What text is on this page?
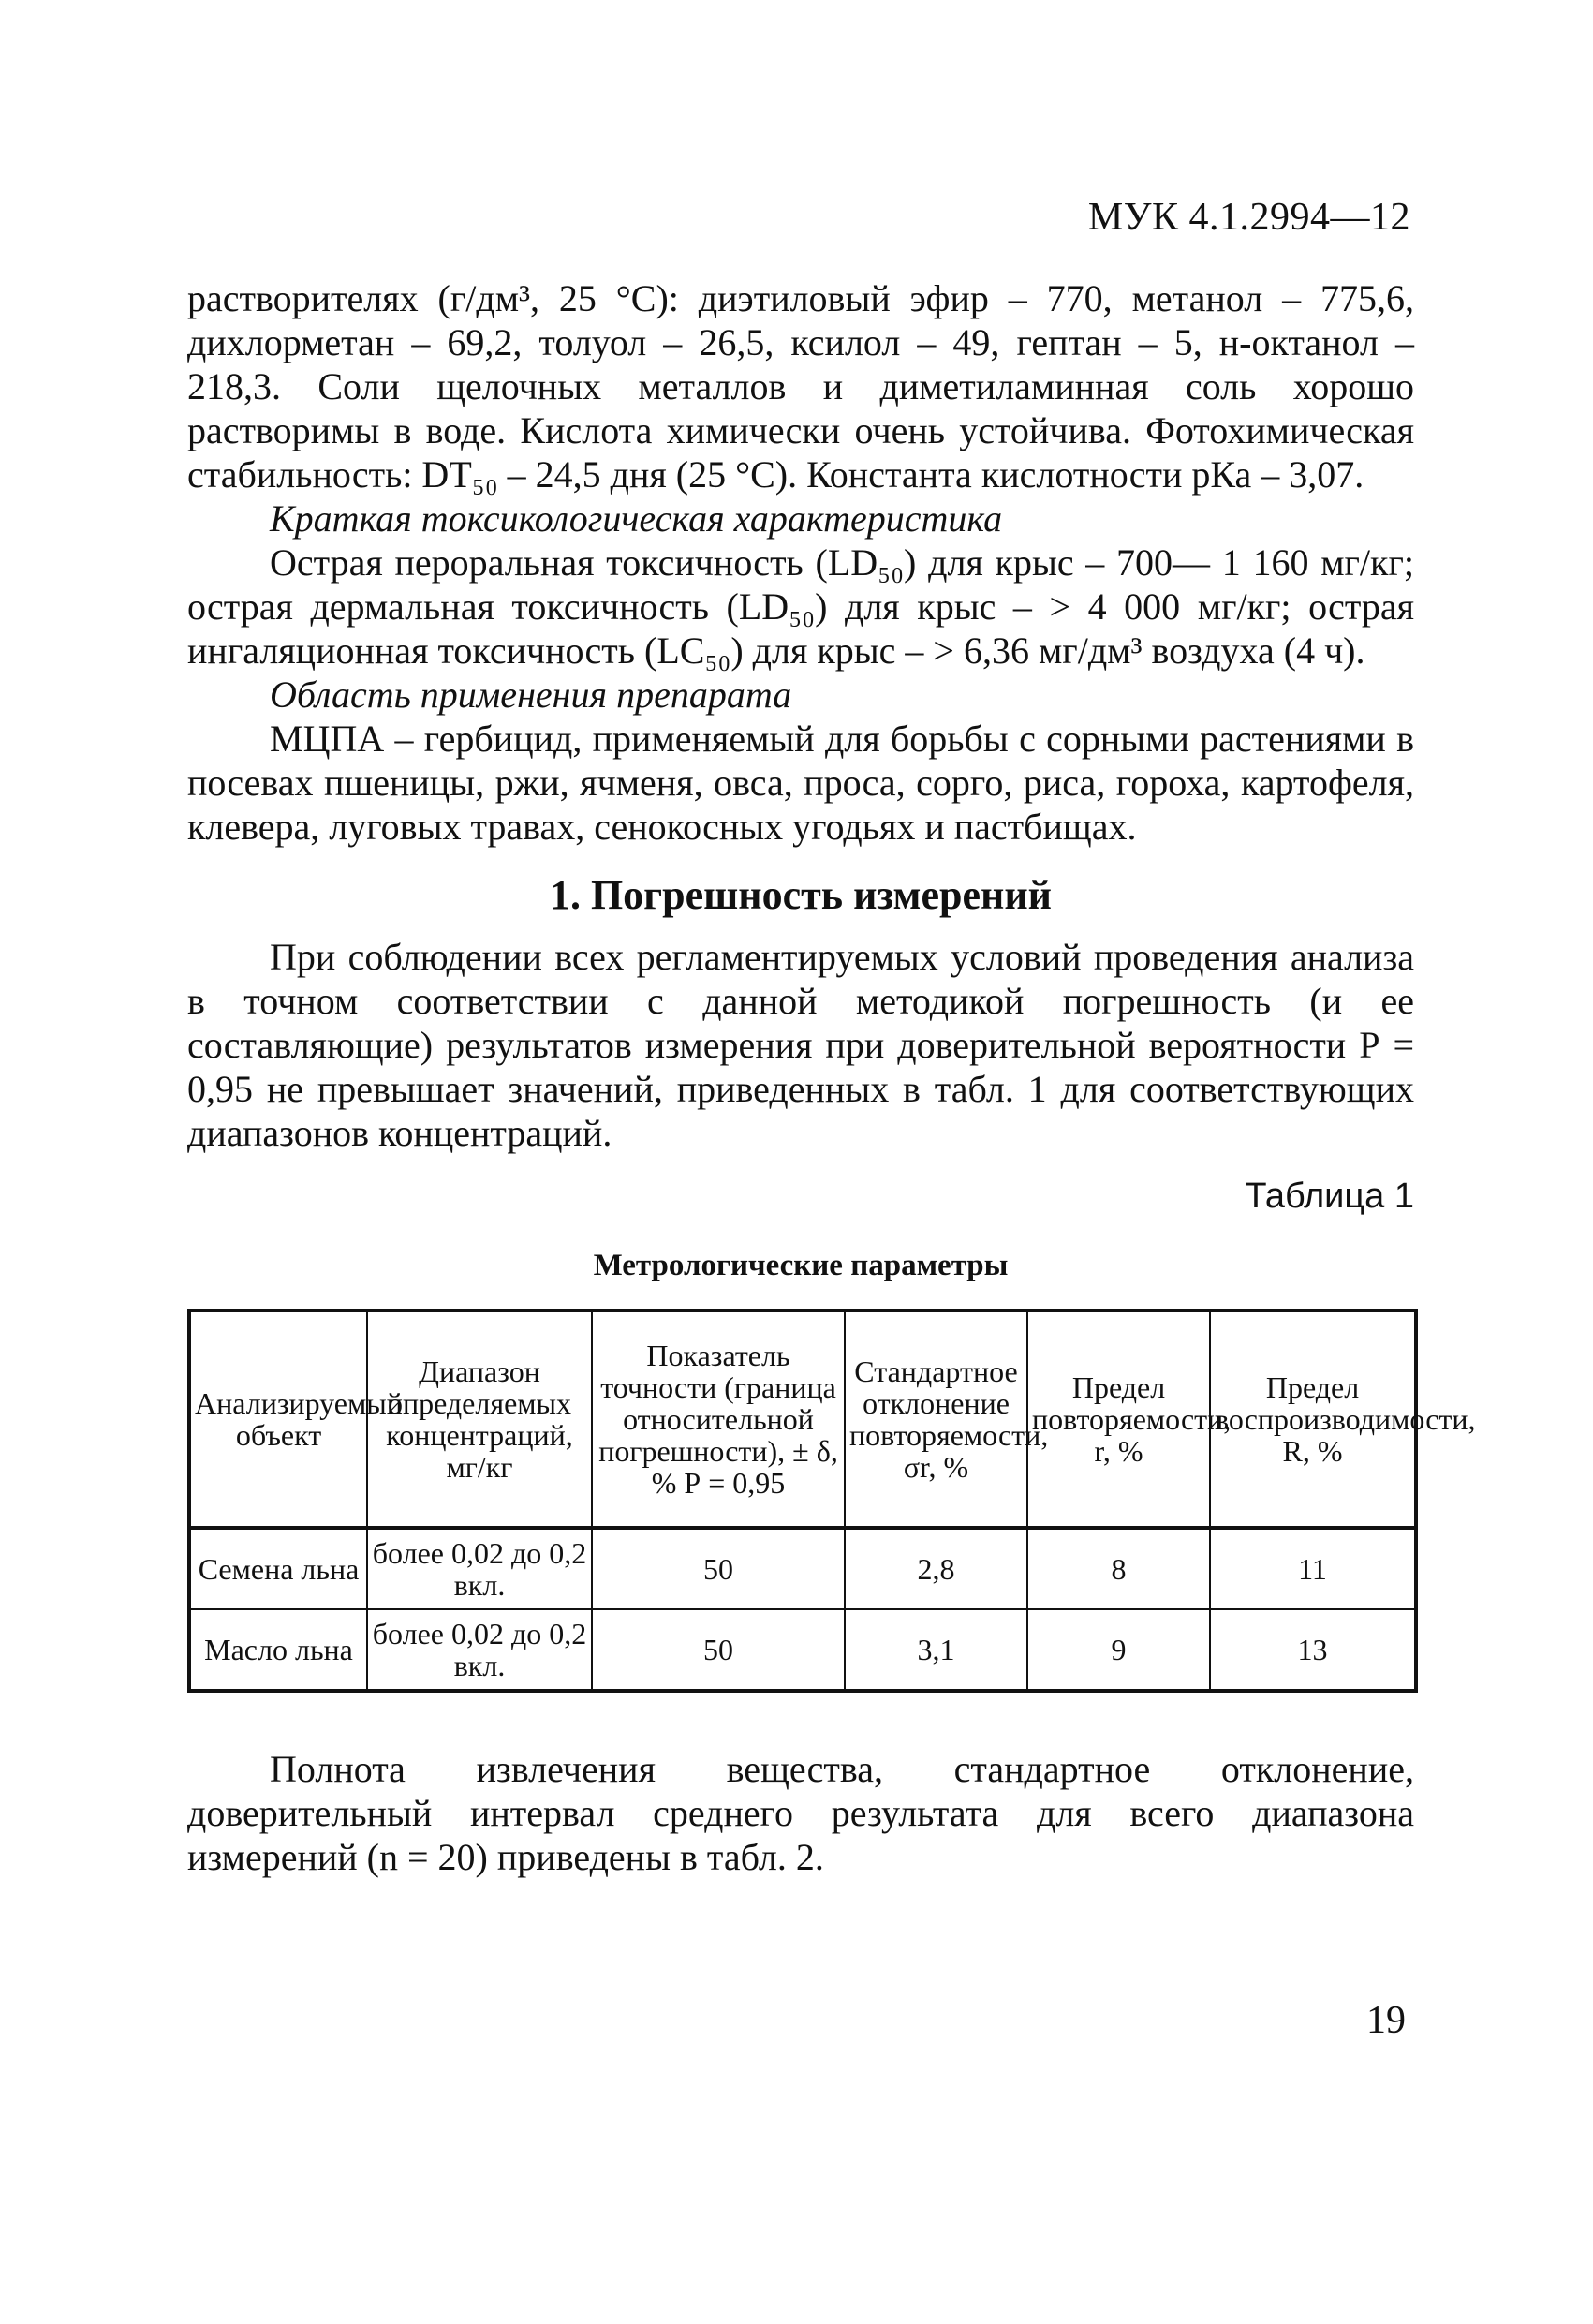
МУК 4.1.2994—12

растворителях (г/дм³, 25 °С): диэтиловый эфир – 770, метанол – 775,6, дихлорметан – 69,2, толуол – 26,5, ксилол – 49, гептан – 5, н-октанол – 218,3. Соли щелочных металлов и диметиламинная соль хорошо растворимы в воде. Кислота химически очень устойчива. Фотохимическая стабильность: DT₅₀ – 24,5 дня (25 °С). Константа кислотности рКа – 3,07.

Краткая токсикологическая характеристика

Острая пероральная токсичность (LD₅₀) для крыс – 700— 1 160 мг/кг; острая дермальная токсичность (LD₅₀) для крыс – > 4 000 мг/кг; острая ингаляционная токсичность (LC₅₀) для крыс – > 6,36 мг/дм³ воздуха (4 ч).

Область применения препарата

МЦПА – гербицид, применяемый для борьбы с сорными растениями в посевах пшеницы, ржи, ячменя, овса, проса, сорго, риса, гороха, картофеля, клевера, луговых травах, сенокосных угодьях и пастбищах.

1. Погрешность измерений

При соблюдении всех регламентируемых условий проведения анализа в точном соответствии с данной методикой погрешность (и ее составляющие) результатов измерения при доверительной вероятности Р = 0,95 не превышает значений, приведенных в табл. 1 для соответствующих диапазонов концентраций.

Таблица 1
Метрологические параметры
Анализируемый объект	Диапазон определяемых концентраций, мг/кг	Показатель точности (граница относительной погрешности), ± δ, % Р = 0,95	Стандартное отклонение повторяемости, σr, %	Предел повторяемости, r, %	Предел воспроизводимости, R, %
Семена льна	более 0,02 до 0,2 вкл.	50	2,8	8	11
Масло льна	более 0,02 до 0,2 вкл.	50	3,1	9	13

Полнота извлечения вещества, стандартное отклонение, доверительный интервал среднего результата для всего диапазона измерений (n = 20) приведены в табл. 2.

19
